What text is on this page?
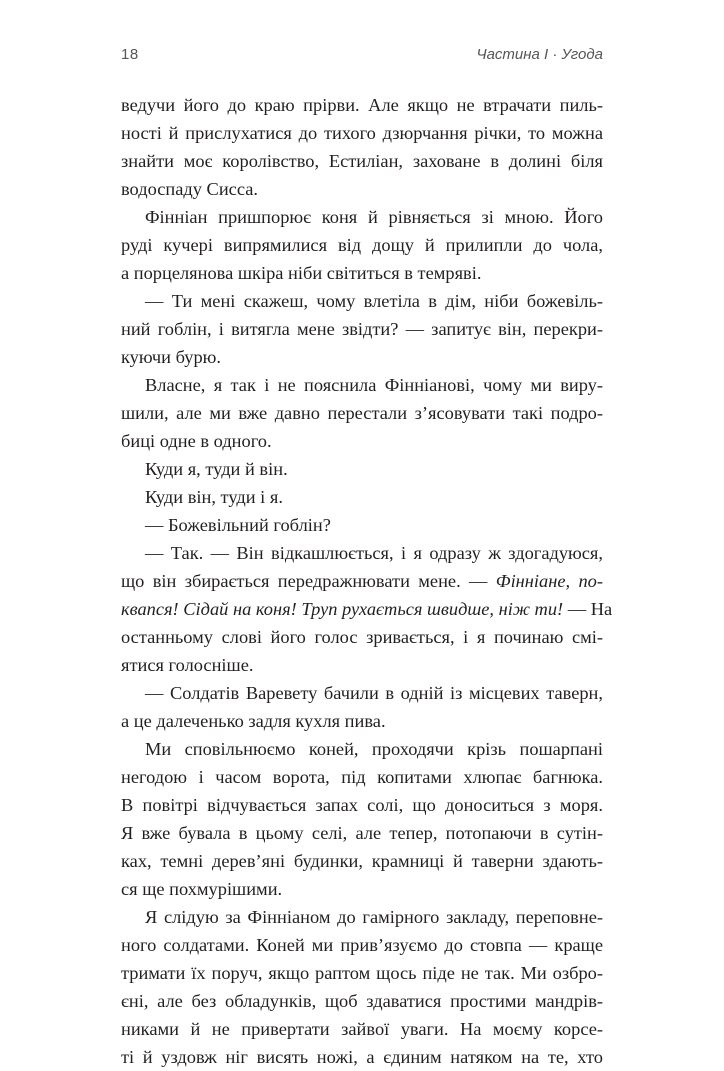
18	Частина I · Угода
ведучи його до краю прірви. Але якщо не втрачати пиль-
ності й прислухатися до тихого дзюрчання річки, то можна
знайти моє королівство, Естиліан, заховане в долині біля
водоспаду Сисса.
Фінніан пришпорює коня й рівняється зі мною. Його
руді кучері випрямилися від дощу й прилипли до чола,
а порцелянова шкіра ніби світиться в темряві.
— Ти мені скажеш, чому влетіла в дім, ніби божевіль-
ний гоблін, і витягла мене звідти? — запитує він, перекри-
куючи бурю.
Власне, я так і не пояснила Фінніанові, чому ми виру-
шили, але ми вже давно перестали з’ясовувати такі подро-
биці одне в одного.
Куди я, туди й він.
Куди він, туди і я.
— Божевільний гоблін?
— Так. — Він відкашлюється, і я одразу ж здогадуюся,
що він збирається передражнювати мене. — Фінніане, по-
квапся! Сідай на коня! Труп рухається швидше, ніж ти! — На
останньому слові його голос зривається, і я починаю смі-
ятися голосніше.
— Солдатів Варевету бачили в одній із місцевих таверн,
а це далеченько задля кухля пива.
Ми сповільнюємо коней, проходячи крізь пошарпані
негодою і часом ворота, під копитами хлюпає багнюка.
В повітрі відчувається запах солі, що доноситься з моря.
Я вже бувала в цьому селі, але тепер, потопаючи в сутін-
ках, темні дерев’яні будинки, крамниці й таверни здають-
ся ще похмурішими.
Я слідую за Фінніаном до гамірного закладу, переповне-
ного солдатами. Коней ми прив’язуємо до стовпа — краще
тримати їх поруч, якщо раптом щось піде не так. Ми озбро-
єні, але без обладунків, щоб здаватися простими мандрів-
никами й не привертати зайвої уваги. На моєму корсе-
ті й уздовж ніг висять ножі, а єдиним натяком на те, хто
